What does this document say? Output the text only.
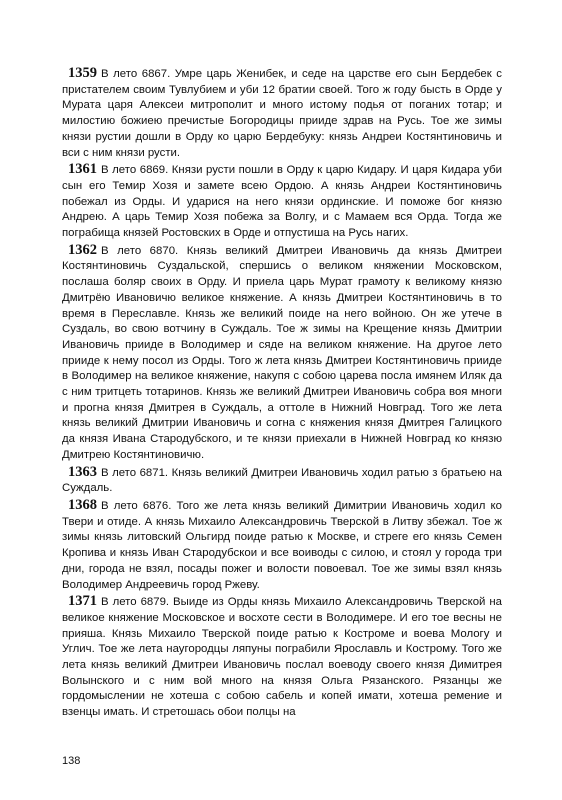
1359 В лето 6867. Умре царь Женибек, и седе на царстве его сын Бердебек с пристателем своим Тувлубием и уби 12 братии своей. Того ж году бысть в Орде у Мурата царя Алексеи митрополит и много истому подья от поганих тотар; и милостию божиею пречистые Богородицы прииде здрав на Русь. Тое же зимы князи рустии дошли в Орду ко царю Бердебуку: князь Андреи Костянтиновичь и вси с ним князи русти.

1361 В лето 6869. Князи русти пошли в Орду к царю Кидару. И царя Кидара уби сын его Темир Хозя и замете всею Ордою. А князь Андреи Костянтиновичь побежал из Орды. И ударися на него князи ординские. И поможе бог князю Андрею. А царь Темир Хозя побежа за Волгу, и с Мамаем вся Орда. Тогда же пограбища князей Ростовских в Орде и отпустиша на Русь нагих.

1362 В лето 6870. Князь великий Дмитреи Ивановичь да князь Дмитреи Костянтиновичь Суздальской, спершись о великом княжении Московском, послаша боляр своих в Орду. И приела царь Мурат грамоту к великому князю Дмитрёю Ивановичю великое княжение. А князь Дмитреи Костянтиновичь в то время в Переславле. Князь же великий поиде на него войною. Он же утече в Суздаль, во свою вотчину в Суждаль. Тое ж зимы на Крещение князь Дмитрии Ивановичь прииде в Володимер и сяде на великом княжение. На другое лето прииде к нему посол из Орды. Того ж лета князь Дмитреи Костянтиновичь прииде в Володимер на великое княжение, накупя с собою царева посла имянем Иляк да с ним тритцеть тотаринов. Князь же великий Дмитреи Ивановичь собра воя многи и прогна князя Дмитрея в Суждаль, а оттоле в Нижний Новград. Того же лета князь великий Дмитрии Ивановичь и согна с княжения князя Дмитрея Галицкого да князя Ивана Стародубского, и те князи приехали в Нижней Новград ко князю Дмитрею Костянтиновичю.

1363 В лето 6871. Князь великий Дмитреи Ивановичь ходил ратью з братьею на Суждаль.

1368 В лето 6876. Того же лета князь великий Димитрии Ивановичь ходил ко Твери и отиде. А князь Михаило Александровичь Тверской в Литву збежал. Тое ж зимы князь литовский Ольгирд поиде ратью к Москве, и стреге его князь Семен Кропива и князь Иван Стародубскои и все воиводы с силою, и стоял у города три дни, города не взял, посады пожег и волости повоевал. Тое же зимы взял князь Володимер Андреевичь город Ржеву.

1371 В лето 6879. Выиде из Орды князь Михаило Александровичь Тверской на великое княжение Московское и восхоте сести в Володимере. И его тое весны не прияша. Князь Михаило Тверской поиде ратью к Костроме и воева Мологу и Углич. Тое же лета наугородцы ляпуны пограбили Ярославль и Кострому. Того же лета князь великий Дмитреи Ивановичь послал воеводу своего князя Димитрея Волынского и с ним вой много на князя Ольга Рязанского. Рязанцы же гордомыслении не хотеша с собою сабель и копей имати, хотеша ремение и взенцы имать. И стретошась обои полцы на

138
